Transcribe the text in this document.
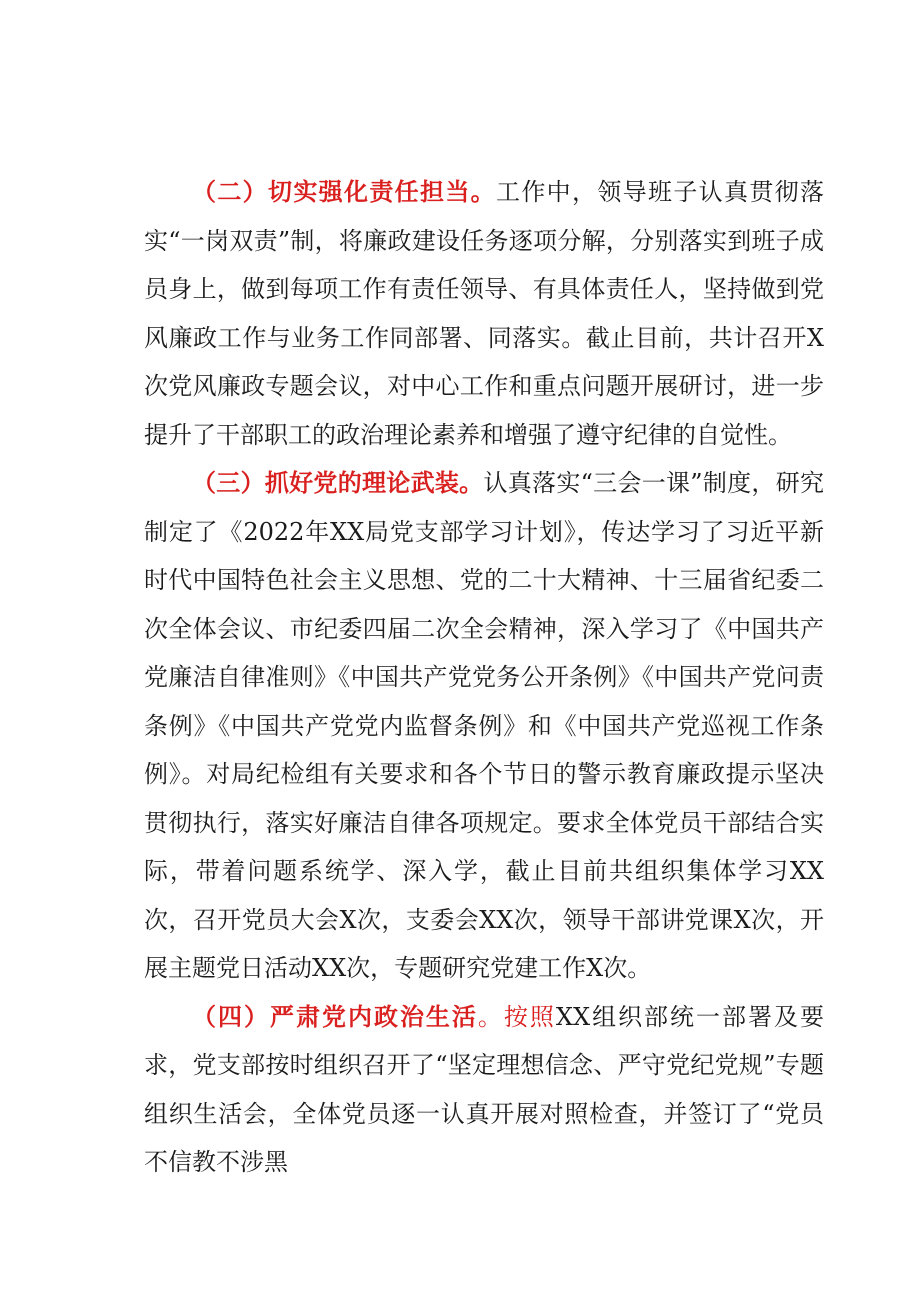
（二）切实强化责任担当。工作中，领导班子认真贯彻落实“一岗双责”制，将廉政建设任务逐项分解，分别落实到班子成员身上，做到每项工作有责任领导、有具体责任人，坚持做到党风廉政工作与业务工作同部署、同落实。截止目前，共计召开X次党风廉政专题会议，对中心工作和重点问题开展研讨，进一步提升了干部职工的政治理论素养和增强了遵守纪律的自觉性。

（三）抓好党的理论武装。认真落实“三会一课”制度，研究制定了《2022年XX局党支部学习计划》，传达学习了习近平新时代中国特色社会主义思想、党的二十大精神、十三届省纪委二次全体会议、市纪委四届二次全会精神，深入学习了《中国共产党廉洁自律准则》《中国共产党党务公开条例》《中国共产党问责条例》《中国共产党党内监督条例》和《中国共产党巡视工作条例》。对局纪检组有关要求和各个节日的警示教育廉政提示坚决贯彻执行，落实好廉洁自律各项规定。要求全体党员干部结合实际，带着问题系统学、深入学，截止目前共组织集体学习XX次，召开党员大会X次，支委会XX次，领导干部讲党课X次，开展主题党日活动XX次，专题研究党建工作X次。

（四）严肃党内政治生活。按照XX组织部统一部署及要求，党支部按时组织召开了“坚定理想信念、严守党纪党规”专题组织生活会，全体党员逐一认真开展对照检查，并签订了“党员不信教不涉黑
